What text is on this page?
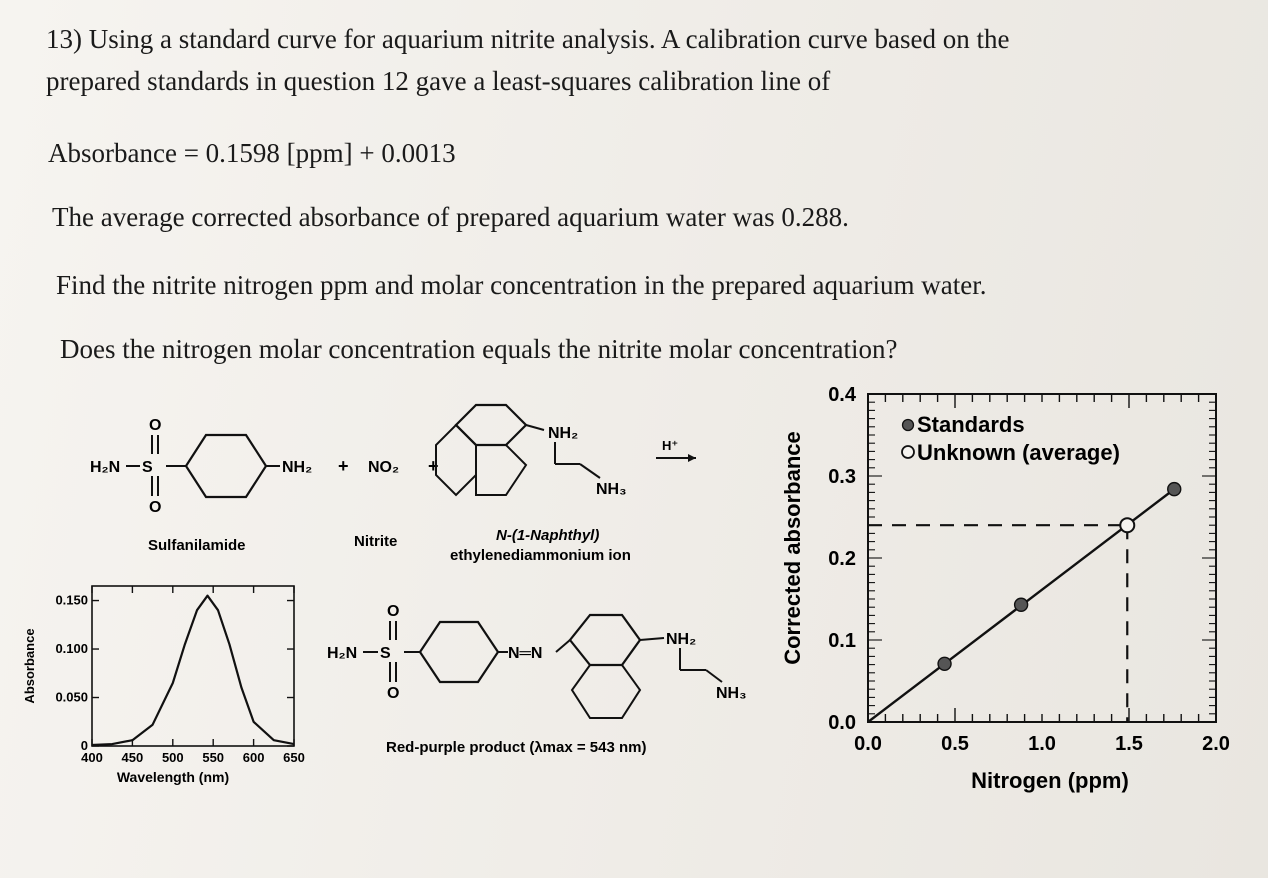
13) Using a standard curve for aquarium nitrite analysis. A calibration curve based on the
prepared standards in question 12 gave a least-squares calibration line of
Absorbance = 0.1598 [ppm] + 0.0013
The average corrected absorbance of prepared aquarium water was 0.288.
Find the nitrite nitrogen ppm and molar concentration in the prepared aquarium water.
Does the nitrogen molar concentration equals the nitrite molar concentration?
H₂N S
O
O
NH₂
Sulfanilamide
+ NO₂
Nitrite
+
NH₂
NH₃
N-(1-Naphthyl)
ethylenediammonium ion
H⁺
H₂N S
O
O
N═N
NH₂
NH₃
Red-purple product (λmax = 543 nm)
400 450 500 550 600 650
0
0.050
0.100
0.150
Wavelength (nm)
Absorbance
0.0	0.5	1.0	1.5	2.0
0.0
0.1
0.2
0.3
0.4
Standards
Unknown (average)
Nitrogen (ppm)
Corrected absorbance
